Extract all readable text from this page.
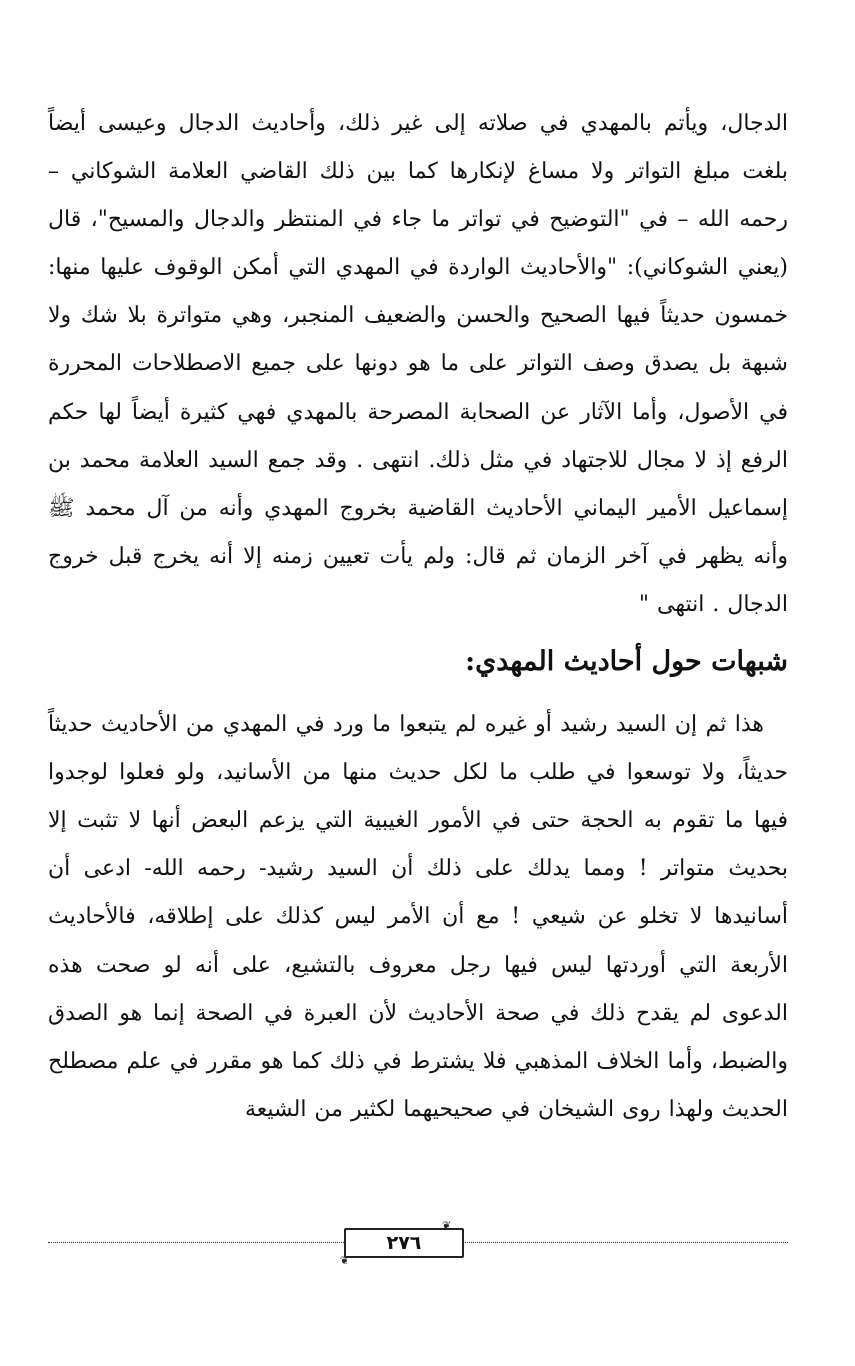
الدجال، ويأتم بالمهدي في صلاته إلى غير ذلك، وأحاديث الدجال وعيسى أيضاً بلغت مبلغ التواتر ولا مساغ لإنكارها كما بين ذلك القاضي العلامة الشوكاني – رحمه الله – في "التوضيح في تواتر ما جاء في المنتظر والدجال والمسيح"، قال (يعني الشوكاني): "والأحاديث الواردة في المهدي التي أمكن الوقوف عليها منها: خمسون حديثاً فيها الصحيح والحسن والضعيف المنجبر، وهي متواترة بلا شك ولا شبهة بل يصدق وصف التواتر على ما هو دونها على جميع الاصطلاحات المحررة في الأصول، وأما الآثار عن الصحابة المصرحة بالمهدي فهي كثيرة أيضاً لها حكم الرفع إذ لا مجال للاجتهاد في مثل ذلك. انتهى . وقد جمع السيد العلامة محمد بن إسماعيل الأمير اليماني الأحاديث القاضية بخروج المهدي وأنه من آل محمد ﷺ وأنه يظهر في آخر الزمان ثم قال: ولم يأت تعيين زمنه إلا أنه يخرج قبل خروج الدجال . انتهى "

شبهات حول أحاديث المهدي:

هذا ثم إن السيد رشيد أو غيره لم يتبعوا ما ورد في المهدي من الأحاديث حديثاً حديثاً، ولا توسعوا في طلب ما لكل حديث منها من الأسانيد، ولو فعلوا لوجدوا فيها ما تقوم به الحجة حتى في الأمور الغيبية التي يزعم البعض أنها لا تثبت إلا بحديث متواتر ! ومما يدلك على ذلك أن السيد رشيد- رحمه الله- ادعى أن أسانيدها لا تخلو عن شيعي ! مع أن الأمر ليس كذلك على إطلاقه، فالأحاديث الأربعة التي أوردتها ليس فيها رجل معروف بالتشيع، على أنه لو صحت هذه الدعوى لم يقدح ذلك في صحة الأحاديث لأن العبرة في الصحة إنما هو الصدق والضبط، وأما الخلاف المذهبي فلا يشترط في ذلك كما هو مقرر في علم مصطلح الحديث ولهذا روى الشيخان في صحيحيهما لكثير من الشيعة

❦
٢٧٦
❦
